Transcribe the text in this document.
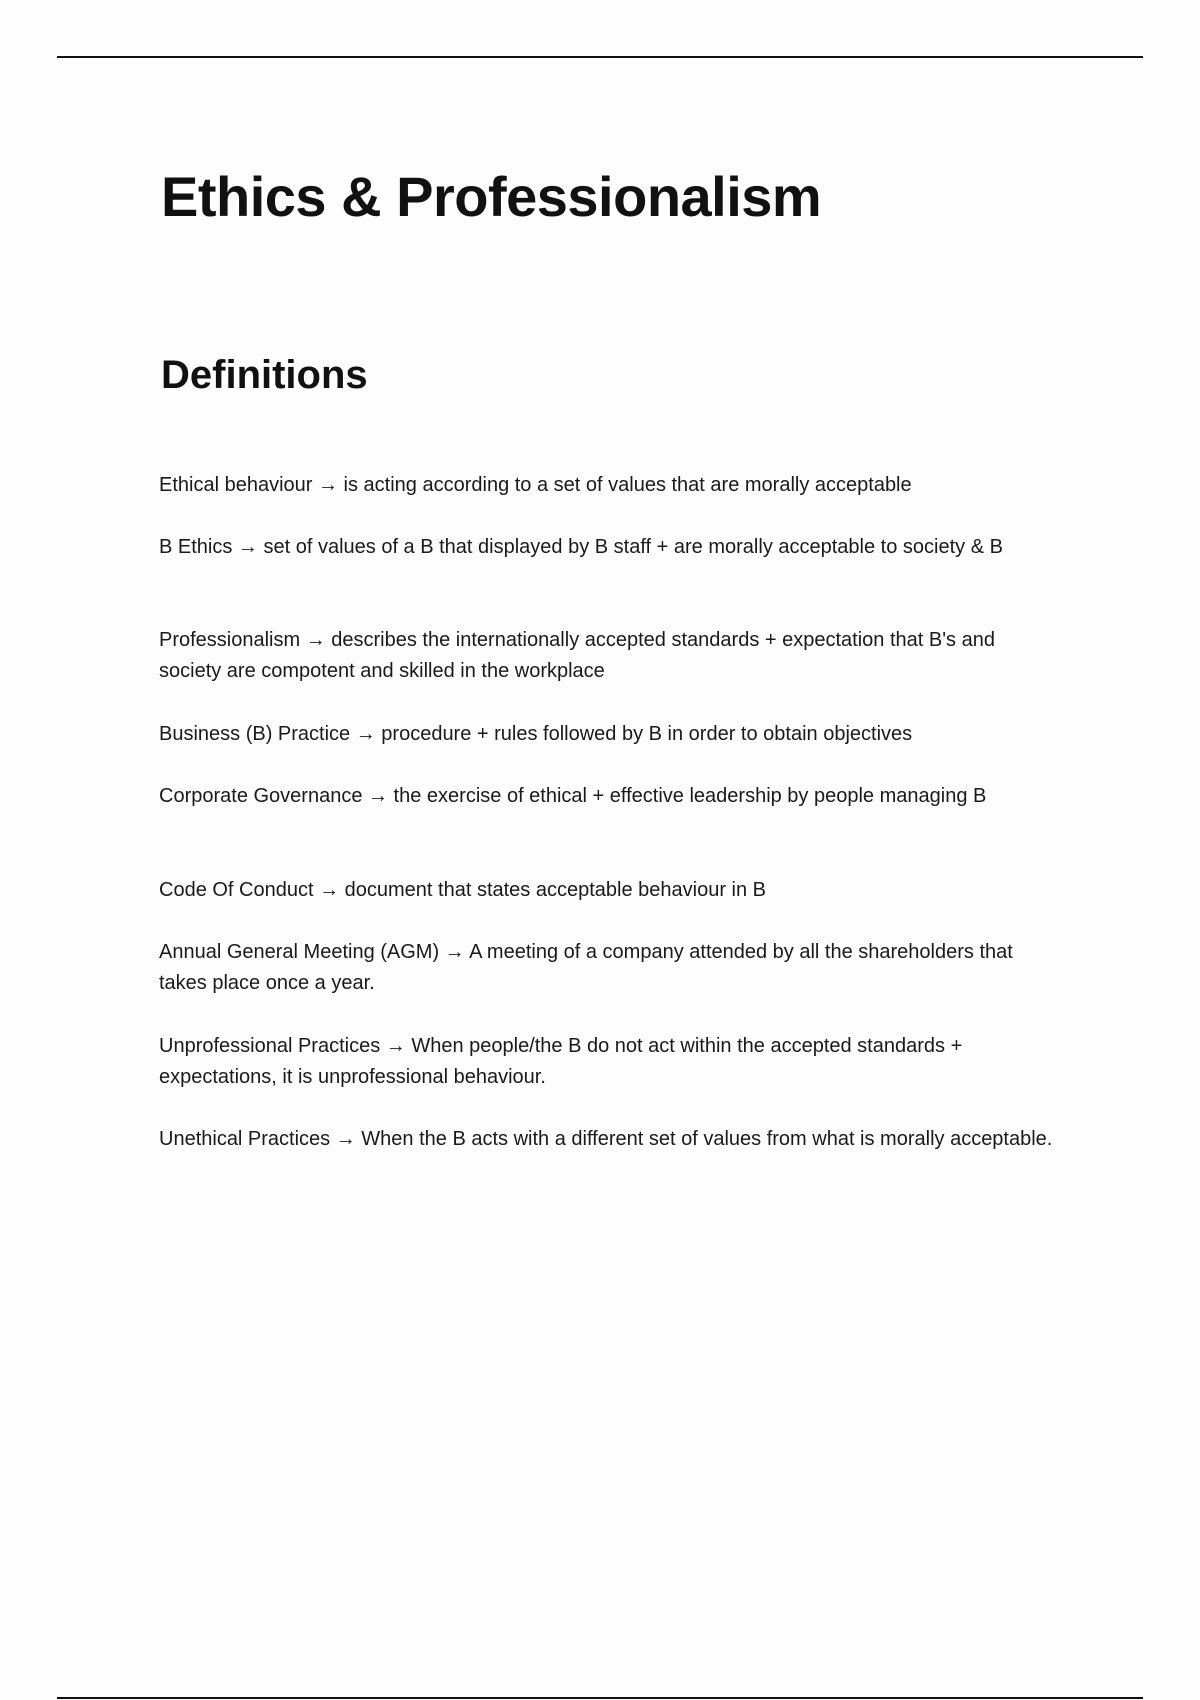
Ethics & Professionalism
Definitions

Ethical behaviour → is acting according to a set of values that are morally acceptable

B Ethics → set of values of a B that displayed by B staff + are morally acceptable to society & B

Professionalism → describes the internationally accepted standards + expectation that B's and society are compotent and skilled in the workplace

Business (B) Practice → procedure + rules followed by B in order to obtain objectives

Corporate Governance → the exercise of ethical + effective leadership by people managing B

Code Of Conduct → document that states acceptable behaviour in B

Annual General Meeting (AGM) → A meeting of a company attended by all the shareholders that takes place once a year.

Unprofessional Practices → When people/the B do not act within the accepted standards + expectations, it is unprofessional behaviour.

Unethical Practices → When the B acts with a different set of values from what is morally acceptable.
